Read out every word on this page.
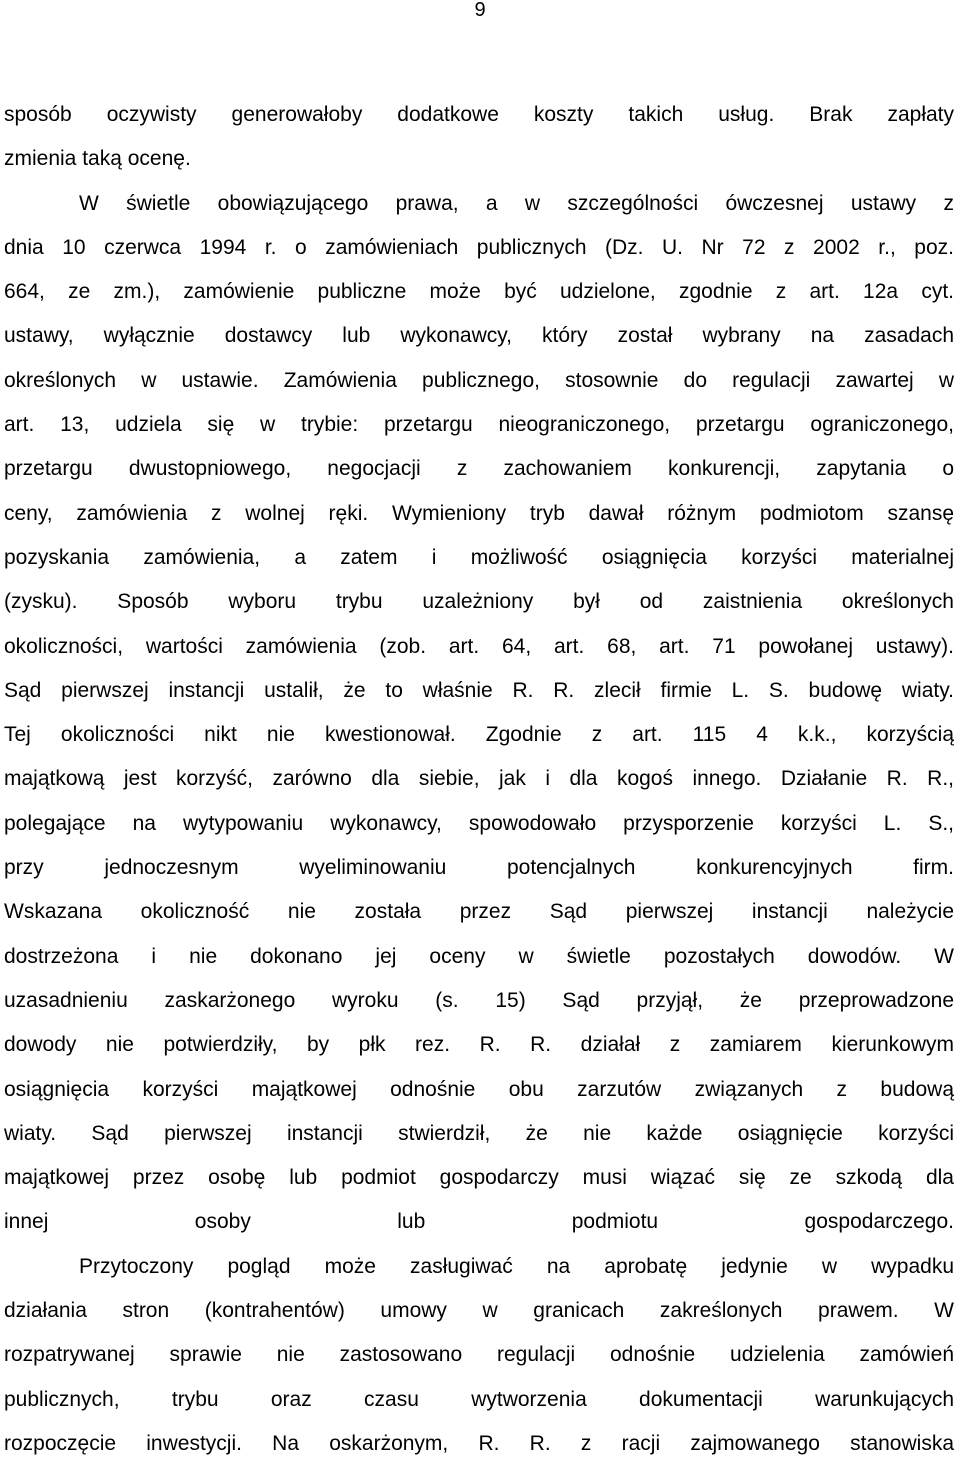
9

sposób oczywisty generowałoby dodatkowe koszty takich usług. Brak zapłaty
zmienia taką ocenę.

W świetle obowiązującego prawa, a w szczególności ówczesnej ustawy z
dnia 10 czerwca 1994 r. o zamówieniach publicznych (Dz. U. Nr 72 z 2002 r., poz.
664, ze zm.), zamówienie publiczne może być udzielone, zgodnie z art. 12a cyt.
ustawy, wyłącznie dostawcy lub wykonawcy, który został wybrany na zasadach
określonych w ustawie. Zamówienia publicznego, stosownie do regulacji zawartej w
art. 13, udziela się w trybie: przetargu nieograniczonego, przetargu ograniczonego,
przetargu dwustopniowego, negocjacji z zachowaniem konkurencji, zapytania o
ceny, zamówienia z wolnej ręki. Wymieniony tryb dawał różnym podmiotom szansę
pozyskania zamówienia, a zatem i możliwość osiągnięcia korzyści materialnej
(zysku). Sposób wyboru trybu uzależniony był od zaistnienia określonych
okoliczności, wartości zamówienia (zob. art. 64, art. 68, art. 71 powołanej ustawy).
Sąd pierwszej instancji ustalił, że to właśnie R. R. zlecił firmie L. S. budowę wiaty.
Tej okoliczności nikt nie kwestionował. Zgodnie z art. 115 4 k.k., korzyścią
majątkową jest korzyść, zarówno dla siebie, jak i dla kogoś innego. Działanie R. R.,
polegające na wytypowaniu wykonawcy, spowodowało przysporzenie korzyści L. S.,
przy jednoczesnym wyeliminowaniu potencjalnych konkurencyjnych firm.
Wskazana okoliczność nie została przez Sąd pierwszej instancji należycie
dostrzeżona i nie dokonano jej oceny w świetle pozostałych dowodów. W
uzasadnieniu zaskarżonego wyroku (s. 15) Sąd przyjął, że przeprowadzone
dowody nie potwierdziły, by płk rez. R. R. działał z zamiarem kierunkowym
osiągnięcia korzyści majątkowej odnośnie obu zarzutów związanych z budową
wiaty. Sąd pierwszej instancji stwierdził, że nie każde osiągnięcie korzyści
majątkowej przez osobę lub podmiot gospodarczy musi wiązać się ze szkodą dla
innej osoby lub podmiotu gospodarczego.

Przytoczony pogląd może zasługiwać na aprobatę jedynie w wypadku
działania stron (kontrahentów) umowy w granicach zakreślonych prawem. W
rozpatrywanej sprawie nie zastosowano regulacji odnośnie udzielenia zamówień
publicznych, trybu oraz czasu wytworzenia dokumentacji warunkujących
rozpoczęcie inwestycji. Na oskarżonym, R. R. z racji zajmowanego stanowiska
